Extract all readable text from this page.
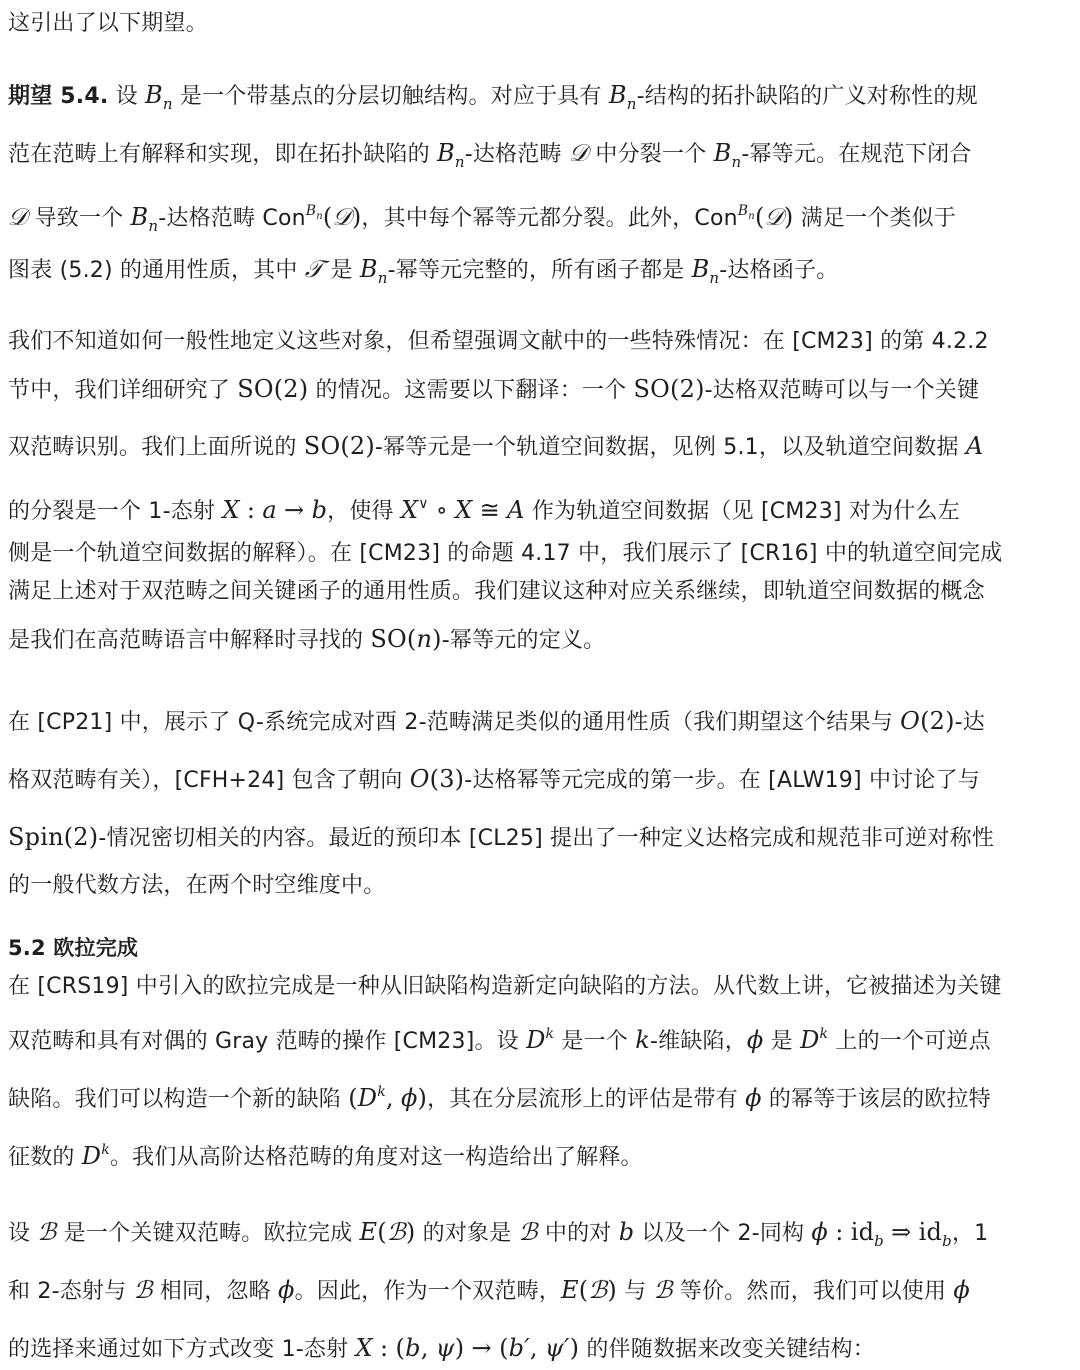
这引出了以下期望。
期望 5.4. 设 $B_n$ 是一个带基点的分层切触结构。对应于具有 $B_n-$结构的拓扑缺陷的广义对称性的规
范在范畴上有解释和实现，即在拓扑缺陷的 $B_n-$达格范畴 𝒟 中分裂一个 $B_n-$幂等元。在规范下闭合
𝒟 导致一个 $B_n-$达格范畴 Con$^{B_n}$(𝒟)，其中每个幂等元都分裂。此外，Con$^{B_n}$(𝒟) 满足一个类似于
图表 (5.2) 的通用性质，其中 𝒯 是 $B_n-$幂等元完整的，所有函子都是 $B_n-$达格函子。
我们不知道如何一般性地定义这些对象，但希望强调文献中的一些特殊情况：在 [CM23] 的第 4.2.2
节中，我们详细研究了 SO(2) 的情况。这需要以下翻译：一个 SO(2)-达格双范畴可以与一个关键
双范畴识别。我们上面所说的 SO(2)-幂等元是一个轨道空间数据，见例 5.1，以及轨道空间数据 A
的分裂是一个 1-态射 X : a → b，使得 X∨ ∘ X ≅ A 作为轨道空间数据（见 [CM23] 对为什么左
侧是一个轨道空间数据的解释）。在 [CM23] 的命题 4.17 中，我们展示了 [CR16] 中的轨道空间完成
满足上述对于双范畴之间关键函子的通用性质。我们建议这种对应关系继续，即轨道空间数据的概念
是我们在高范畴语言中解释时寻找的 SO(n)-幂等元的定义。
在 [CP21] 中，展示了 Q-系统完成对酉 2-范畴满足类似的通用性质（我们期望这个结果与 O(2)-达
格双范畴有关），[CFH+24] 包含了朝向 O(3)-达格幂等元完成的第一步。在 [ALW19] 中讨论了与
Spin(2)-情况密切相关的内容。最近的预印本 [CL25] 提出了一种定义达格完成和规范非可逆对称性
的一般代数方法，在两个时空维度中。
5.2 欧拉完成
在 [CRS19] 中引入的欧拉完成是一种从旧缺陷构造新定向缺陷的方法。从代数上讲，它被描述为关键
双范畴和具有对偶的 Gray 范畴的操作 [CM23]。设 $D^k$ 是一个 k-维缺陷，ϕ 是 $D^k$ 上的一个可逆点
缺陷。我们可以构造一个新的缺陷 ($D^k$, ϕ)，其在分层流形上的评估是带有 ϕ 的幂等于该层的欧拉特
征数的 $D^k$。我们从高阶达格范畴的角度对这一构造给出了解释。
设 ℬ 是一个关键双范畴。欧拉完成 E(ℬ) 的对象是 ℬ 中的对 b 以及一个 2-同构 ϕ : $id_b$ ⇒ $id_b$，1
和 2-态射与 ℬ 相同，忽略 ϕ。因此，作为一个双范畴，E(ℬ) 与 ℬ 等价。然而，我们可以使用 ϕ
的选择来通过如下方式改变 1-态射 X : (b, ψ) → (b′, ψ′) 的伴随数据来改变关键结构：
